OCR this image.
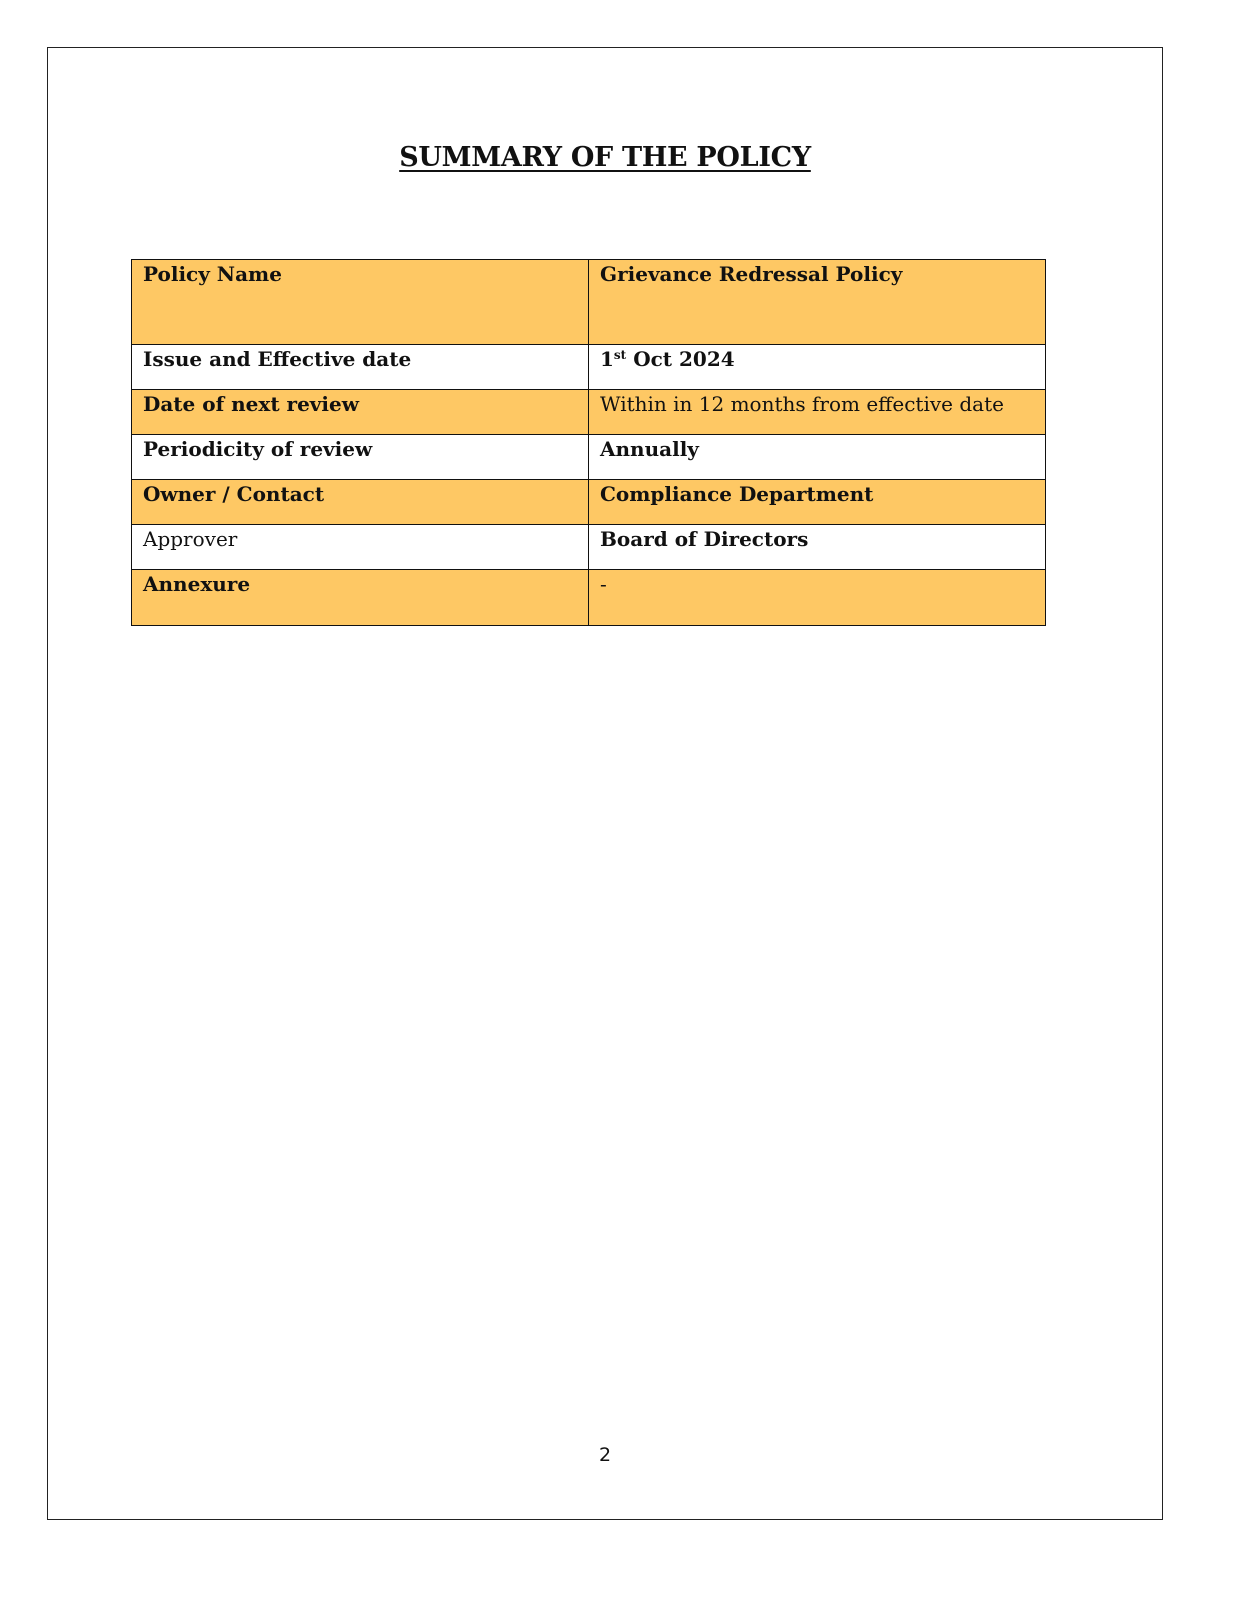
SUMMARY OF THE POLICY
Policy Name	Grievance Redressal Policy

Issue and Effective date	1st Oct 2024

Date of next review	Within in 12 months from effective date

Periodicity of review	Annually

Owner / Contact	Compliance Department

Approver	Board of Directors

Annexure	-
2
